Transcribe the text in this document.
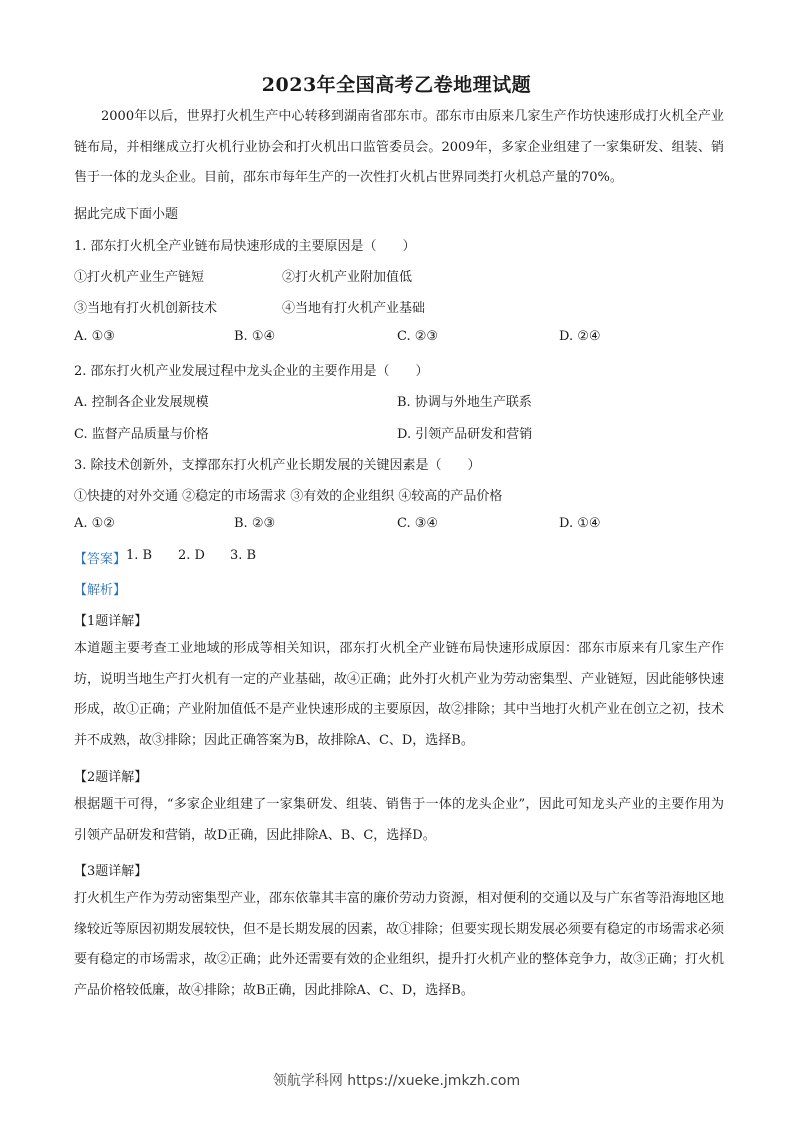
2023年全国高考乙卷地理试题
2000年以后，世界打火机生产中心转移到湖南省邵东市。邵东市由原来几家生产作坊快速形成打火机全产业链布局，并相继成立打火机行业协会和打火机出口监管委员会。2009年，多家企业组建了一家集研发、组装、销售于一体的龙头企业。目前，邵东市每年生产的一次性打火机占世界同类打火机总产量的70%。
据此完成下面小题
1. 邵东打火机全产业链布局快速形成的主要原因是（　　）
①打火机产业生产链短	②打火机产业附加值低
③当地有打火机创新技术	④当地有打火机产业基础
A. ①③	B. ①④	C. ②③	D. ②④
2. 邵东打火机产业发展过程中龙头企业的主要作用是（　　）
A. 控制各企业发展规模	B. 协调与外地生产联系
C. 监督产品质量与价格	D. 引领产品研发和营销
3. 除技术创新外，支撑邵东打火机产业长期发展的关键因素是（　　）
①快捷的对外交通 ②稳定的市场需求 ③有效的企业组织 ④较高的产品价格
A. ①②	B. ②③	C. ③④	D. ①④
【答案】 1. B	2. D	3. B
【解析】
【1题详解】
本道题主要考查工业地域的形成等相关知识，邵东打火机全产业链布局快速形成原因：邵东市原来有几家生产作坊，说明当地生产打火机有一定的产业基础，故④正确；此外打火机产业为劳动密集型、产业链短，因此能够快速形成，故①正确；产业附加值低不是产业快速形成的主要原因，故②排除；其中当地打火机产业在创立之初，技术并不成熟，故③排除；因此正确答案为B，故排除A、C、D，选择B。
【2题详解】
根据题干可得，“多家企业组建了一家集研发、组装、销售于一体的龙头企业”，因此可知龙头产业的主要作用为引领产品研发和营销，故D正确，因此排除A、B、C，选择D。
【3题详解】
打火机生产作为劳动密集型产业，邵东依靠其丰富的廉价劳动力资源，相对便利的交通以及与广东省等沿海地区地缘较近等原因初期发展较快，但不是长期发展的因素，故①排除；但要实现长期发展必须要有稳定的市场需求必须要有稳定的市场需求，故②正确；此外还需要有效的企业组织，提升打火机产业的整体竞争力，故③正确；打火机产品价格较低廉，故④排除；故B正确，因此排除A、C、D，选择B。
领航学科网 https://xueke.jmkzh.com
